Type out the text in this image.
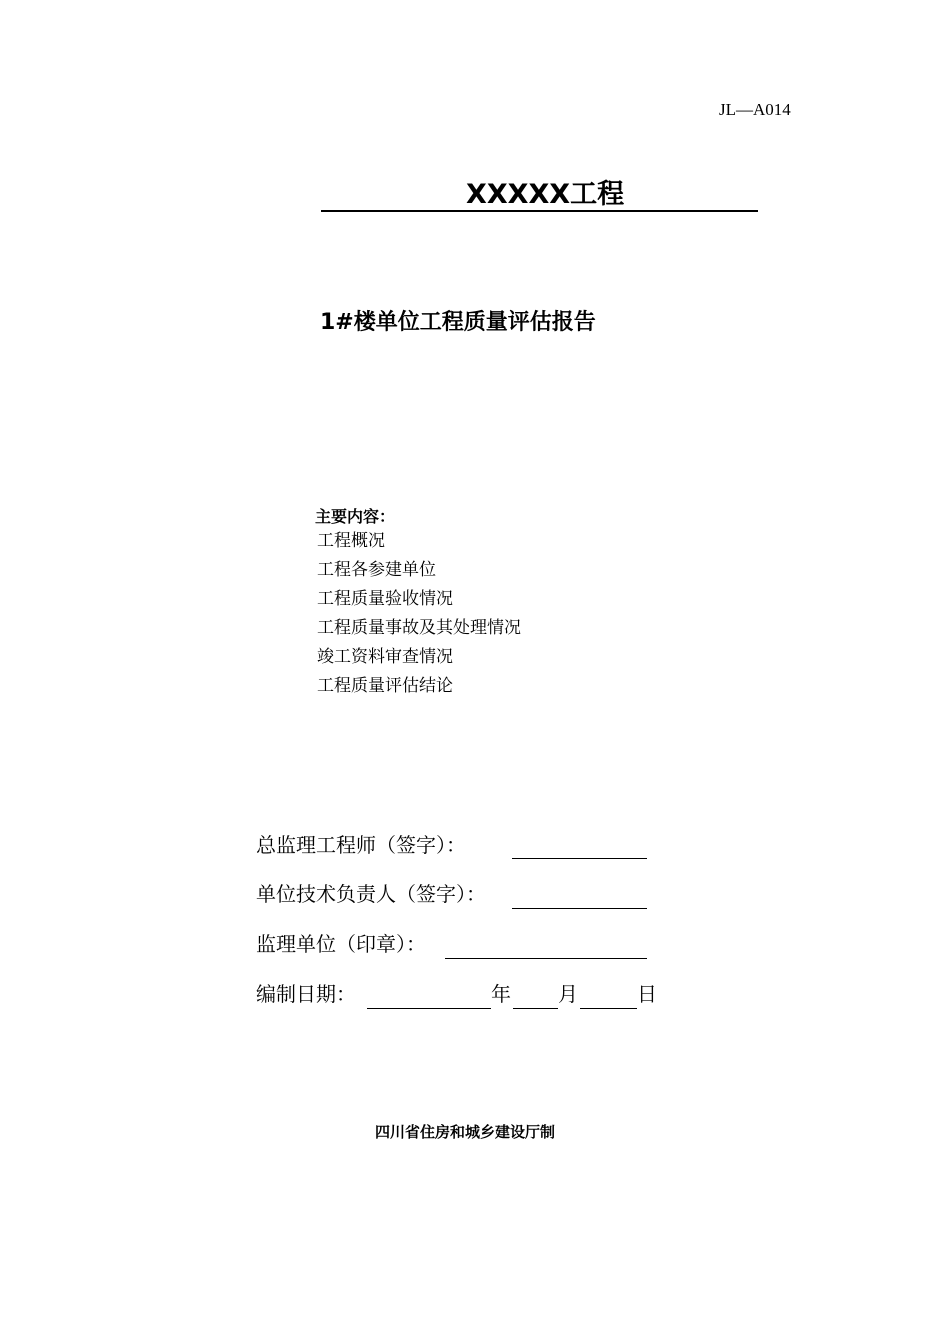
JL—A014
XXXXX工程
1#楼单位工程质量评估报告
主要内容：
工程概况
工程各参建单位
工程质量验收情况
工程质量事故及其处理情况
竣工资料审查情况
工程质量评估结论
总监理工程师（签字）：
单位技术负责人（签字）：
监理单位（印章）：
编制日期：	年 月	日
四川省住房和城乡建设厅制
